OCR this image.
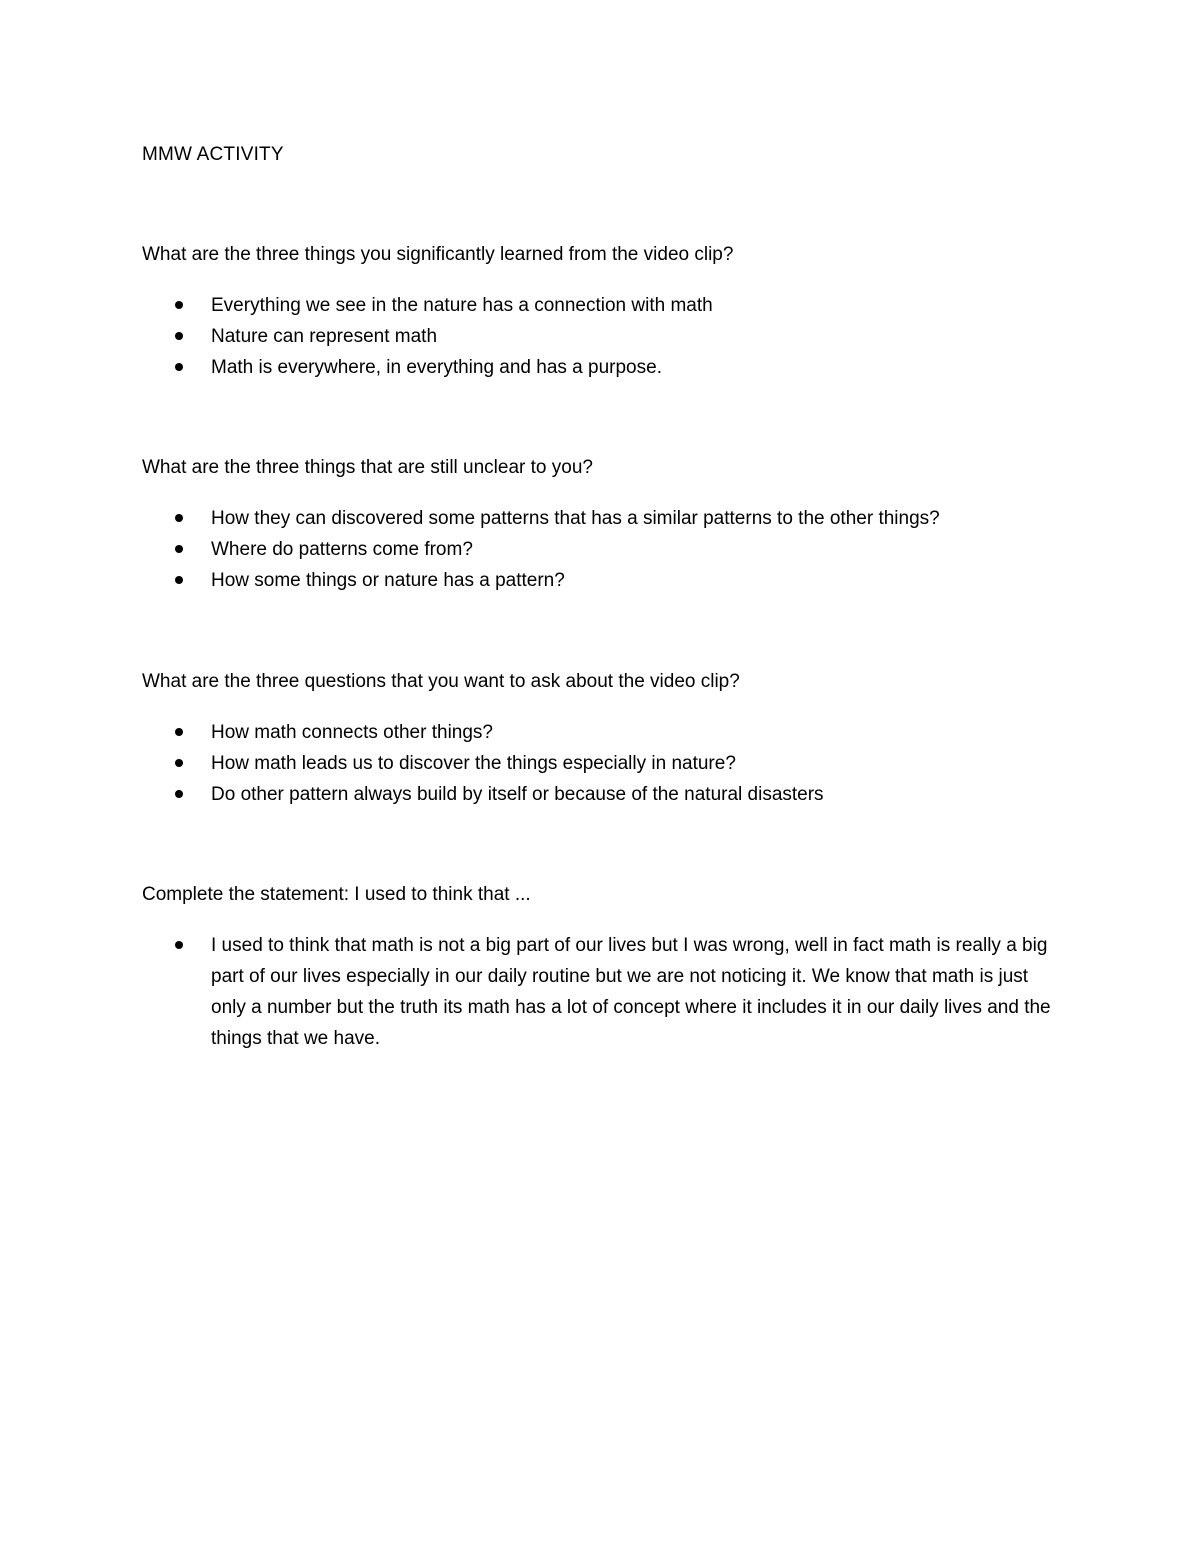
MMW ACTIVITY

What are the three things you significantly learned from the video clip?

Everything we see in the nature has a connection with math
Nature can represent math
Math is everywhere, in everything and has a purpose.

What are the three things that are still unclear to you?

How they can discovered some patterns that has a similar patterns to the other things?
Where do patterns come from?
How some things or nature has a pattern?

What are the three questions that you want to ask about the video clip?

How math connects other things?
How math leads us to discover the things especially in nature?
Do other pattern always build by itself or because of the natural disasters

Complete the statement: I used to think that ...

I used to think that math is not a big part of our lives but I was wrong, well in fact math is really a big part of our lives especially in our daily routine but we are not noticing it. We know that math is just only a number but the truth its math has a lot of concept where it includes it in our daily lives and the things that we have.
